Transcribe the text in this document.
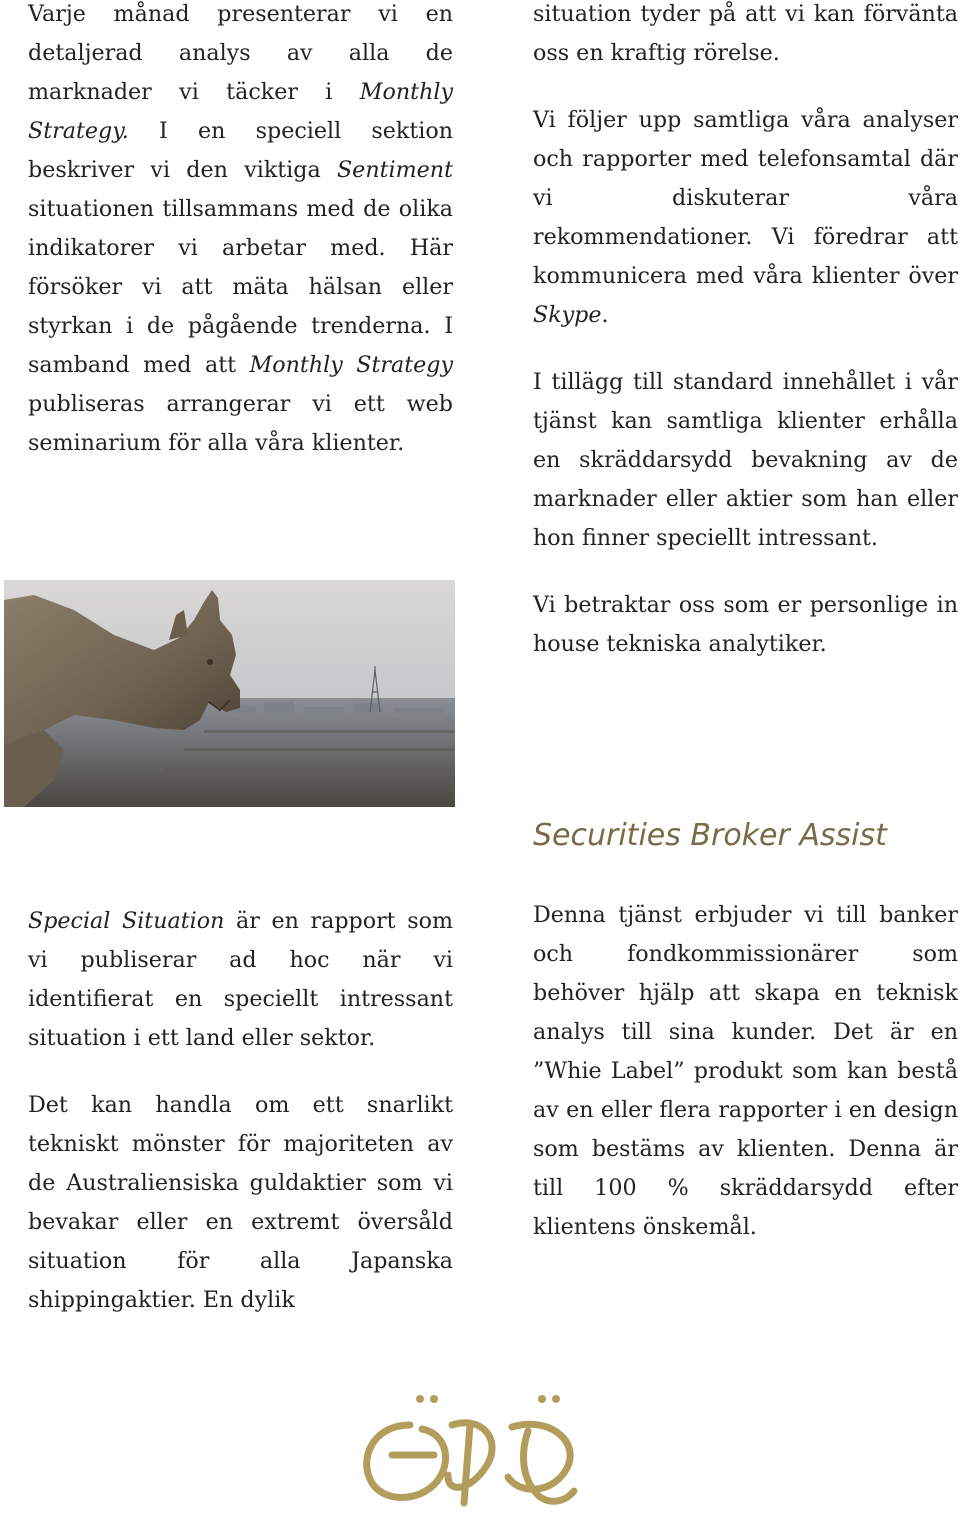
Varje månad presenterar vi en detaljerad analys av alla de marknader vi täcker i Monthly Strategy. I en speciell sektion beskriver vi den viktiga Sentiment situationen tillsammans med de olika indikatorer vi arbetar med. Här försöker vi att mäta hälsan eller styrkan i de pågående trenderna. I samband med att Monthly Strategy publiseras arrangerar vi ett web seminarium för alla våra klienter.

Special Situation är en rapport som vi publiserar ad hoc när vi identifierat en speciellt intressant situation i ett land eller sektor.

Det kan handla om ett snarlikt tekniskt mönster för majoriteten av de Australiensiska guldaktier som vi bevakar eller en extremt översåld situation för alla Japanska shippingaktier. En dylik

situation tyder på att vi kan förvänta oss en kraftig rörelse.

Vi följer upp samtliga våra analyser och rapporter med telefonsamtal där vi diskuterar våra rekommendationer. Vi föredrar att kommunicera med våra klienter över Skype.

I tillägg till standard innehållet i vår tjänst kan samtliga klienter erhålla en skräddarsydd bevakning av de marknader eller aktier som han eller hon finner speciellt intressant.

Vi betraktar oss som er personlige in house tekniska analytiker.

Securities Broker Assist

Denna tjänst erbjuder vi till banker och fondkommissionärer som behöver hjälp att skapa en teknisk analys till sina kunder. Det är en ”Whie Label” produkt som kan bestå av en eller flera rapporter i en design som bestäms av klienten. Denna är till 100 % skräddarsydd efter klientens önskemål.
